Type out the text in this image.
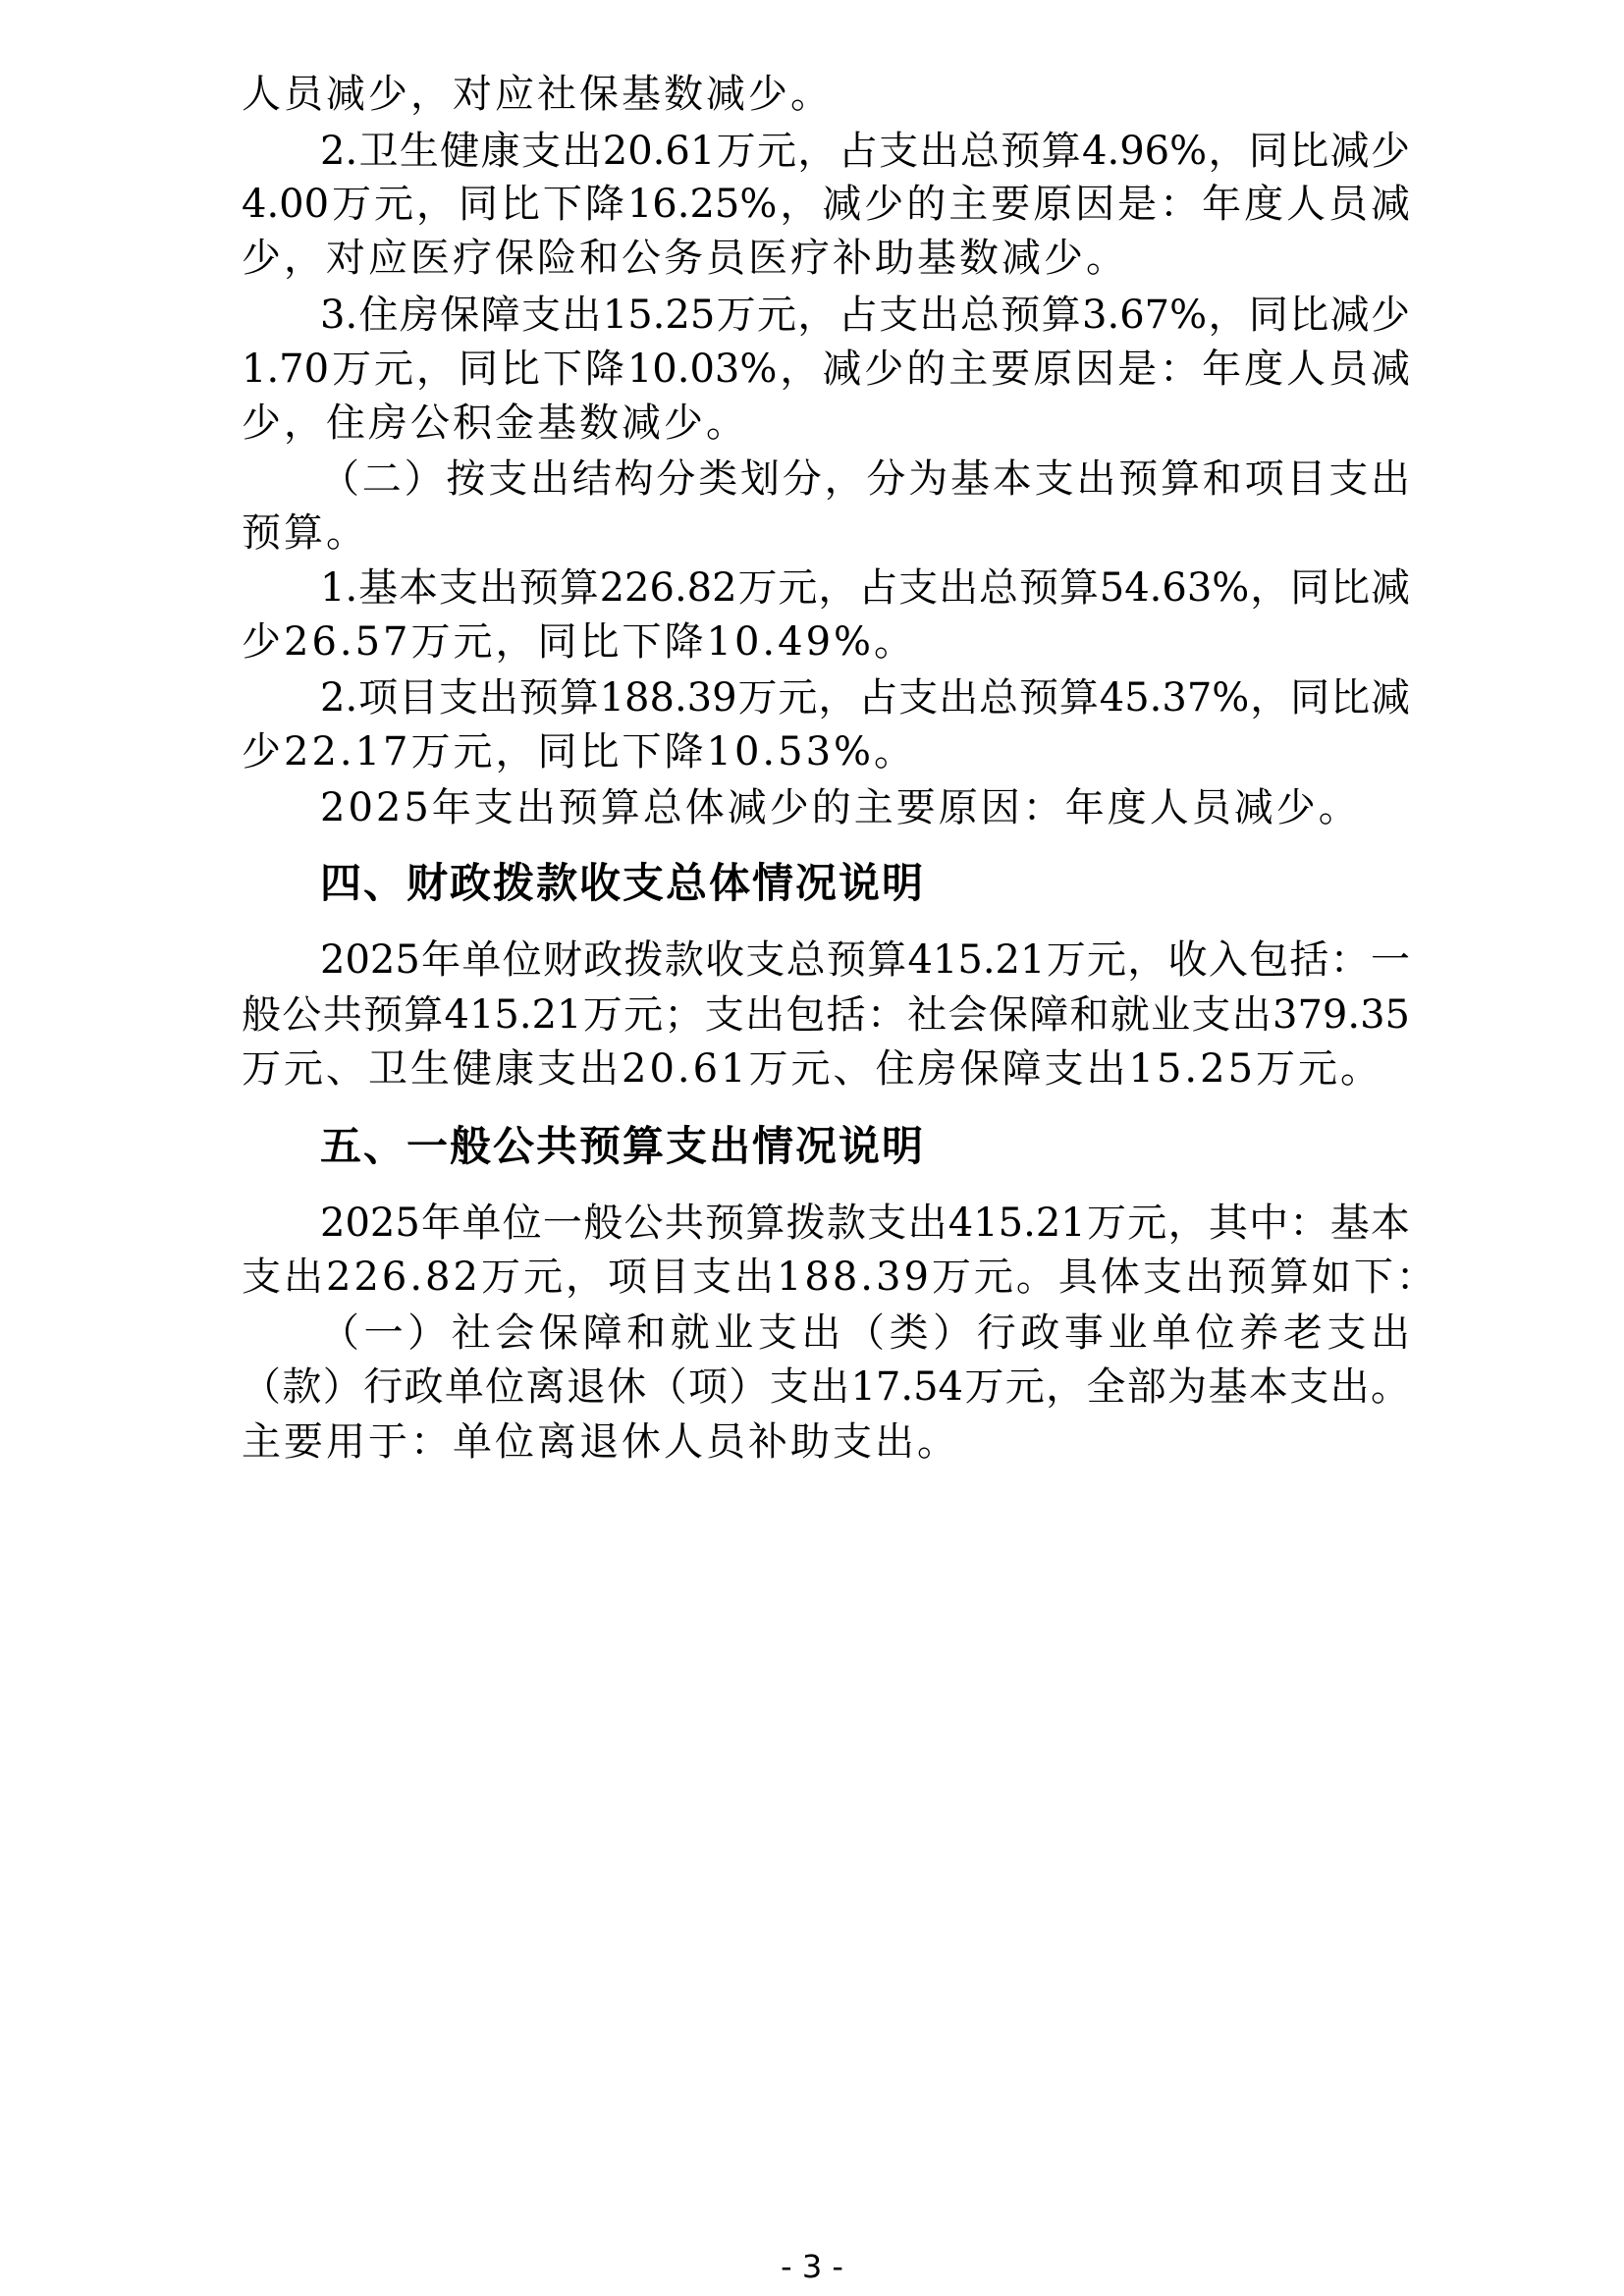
人员减少，对应社保基数减少。
2.卫生健康支出20.61万元，占支出总预算4.96%，同比减少
4.00万元，同比下降16.25%，减少的主要原因是：年度人员减
少，对应医疗保险和公务员医疗补助基数减少。
3.住房保障支出15.25万元，占支出总预算3.67%，同比减少
1.70万元，同比下降10.03%，减少的主要原因是：年度人员减
少，住房公积金基数减少。
（二）按支出结构分类划分，分为基本支出预算和项目支出
预算。
1.基本支出预算226.82万元，占支出总预算54.63%，同比减
少26.57万元，同比下降10.49%。
2.项目支出预算188.39万元，占支出总预算45.37%，同比减
少22.17万元，同比下降10.53%。
2025年支出预算总体减少的主要原因：年度人员减少。
四、财政拨款收支总体情况说明
2025年单位财政拨款收支总预算415.21万元，收入包括：一
般公共预算415.21万元；支出包括：社会保障和就业支出379.35
万元、卫生健康支出20.61万元、住房保障支出15.25万元。
五、一般公共预算支出情况说明
2025年单位一般公共预算拨款支出415.21万元，其中：基本
支出226.82万元，项目支出188.39万元。具体支出预算如下：
（一）社会保障和就业支出（类）行政事业单位养老支出
（款）行政单位离退休（项）支出17.54万元，全部为基本支出。
主要用于：单位离退休人员补助支出。
- 3 -
